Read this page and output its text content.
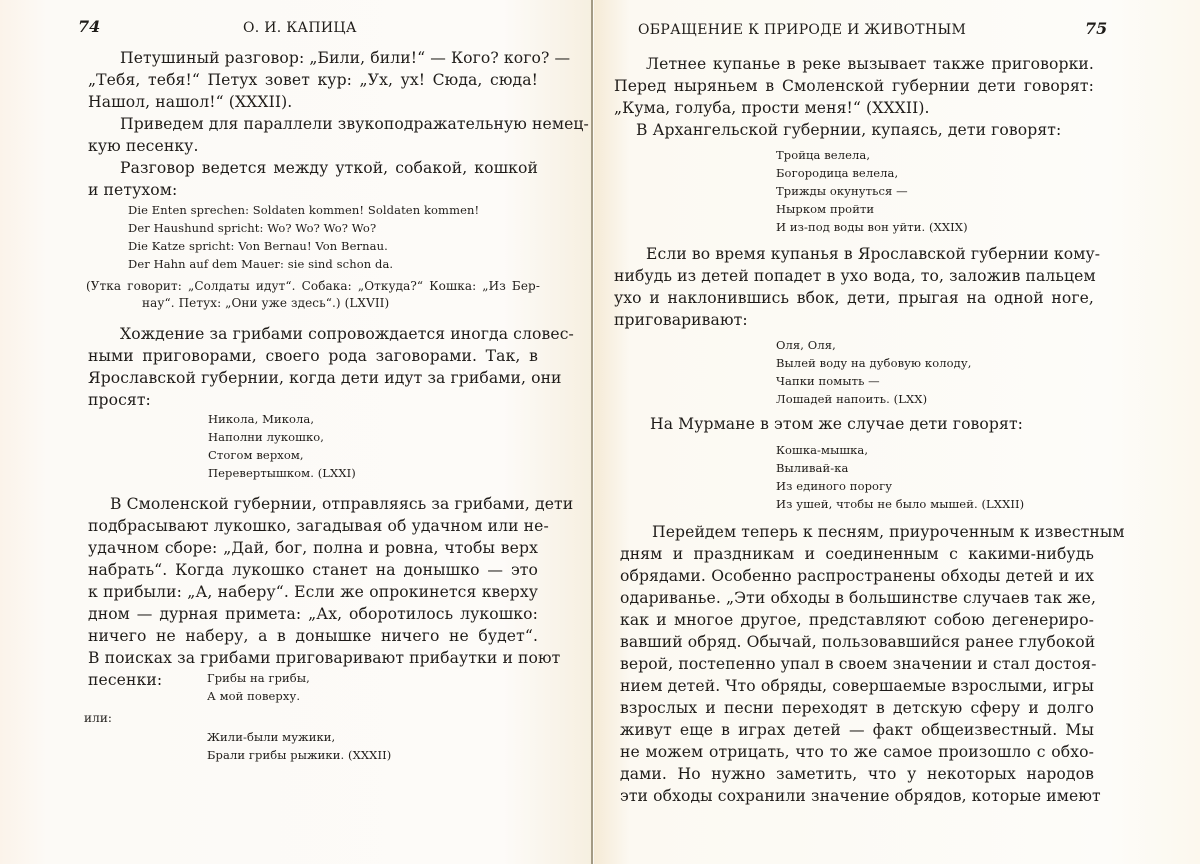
74	О. И. КАПИЦА
Петушиный разговор: „Били, били!“ — Кого? кого? —
„Тебя, тебя!“ Петух зовет кур: „Ух, ух! Сюда, сюда!
Нашол, нашол!“ (XXXII).
Приведем для параллели звукоподражательную немец-
кую песенку.
Разговор ведется между уткой, собакой, кошкой
и петухом:
Die Enten sprechen: Soldaten kommen! Soldaten kommen!
Der Haushund spricht: Wo? Wo? Wo? Wo?
Die Katze spricht: Von Bernau! Von Bernau.
Der Hahn auf dem Mauer: sie sind schon da.
(Утка говорит: „Солдаты идут“. Собака: „Откуда?“ Кошка: „Из Бер-
нау“. Петух: „Они уже здесь“.) (LXVII)
Хождение за грибами сопровождается иногда словес-
ными приговорами, своего рода заговорами. Так, в
Ярославской губернии, когда дети идут за грибами, они
просят:
Никола, Микола,
Наполни лукошко,
Стогом верхом,
Перевертышком. (LXXI)
В Смоленской губернии, отправляясь за грибами, дети
подбрасывают лукошко, загадывая об удачном или не-
удачном сборе: „Дай, бог, полна и ровна, чтобы верх
набрать“. Когда лукошко станет на донышко — это
к прибыли: „А, наберу“. Если же опрокинется кверху
дном — дурная примета: „Ах, оборотилось лукошко:
ничего не наберу, а в донышке ничего не будет“.
В поисках за грибами приговаривают прибаутки и поют
песенки:	Грибы на грибы,
А мой поверху.
или:
Жили-были мужики,
Брали грибы рыжики. (XXXII)
ОБРАЩЕНИЕ К ПРИРОДЕ И ЖИВОТНЫМ	75
Летнее купанье в реке вызывает также приговорки.
Перед ныряньем в Смоленской губернии дети говорят:
„Кума, голуба, прости меня!“ (XXXII).
В Архангельской губернии, купаясь, дети говорят:
Тройца велела,
Богородица велела,
Трижды окунуться —
Нырком пройти
И из-под воды вон уйти. (XXIX)
Если во время купанья в Ярославской губернии кому-
нибудь из детей попадет в ухо вода, то, заложив пальцем
ухо и наклонившись вбок, дети, прыгая на одной ноге,
приговаривают:
Оля, Оля,
Вылей воду на дубовую колоду,
Чапки помыть —
Лошадей напоить. (LXX)
На Мурмане в этом же случае дети говорят:
Кошка-мышка,
Выливай-ка
Из единого порогу
Из ушей, чтобы не было мышей. (LXXII)
Перейдем теперь к песням, приуроченным к известным
дням и праздникам и соединенным с какими-нибудь
обрядами. Особенно распространены обходы детей и их
одариванье. „Эти обходы в большинстве случаев так же,
как и многое другое, представляют собою дегенериро-
вавший обряд. Обычай, пользовавшийся ранее глубокой
верой, постепенно упал в своем значении и стал достоя-
нием детей. Что обряды, совершаемые взрослыми, игры
взрослых и песни переходят в детскую сферу и долго
живут еще в играх детей — факт общеизвестный. Мы
не можем отрицать, что то же самое произошло с обхо-
дами. Но нужно заметить, что у некоторых народов
эти обходы сохранили значение обрядов, которые имеют
